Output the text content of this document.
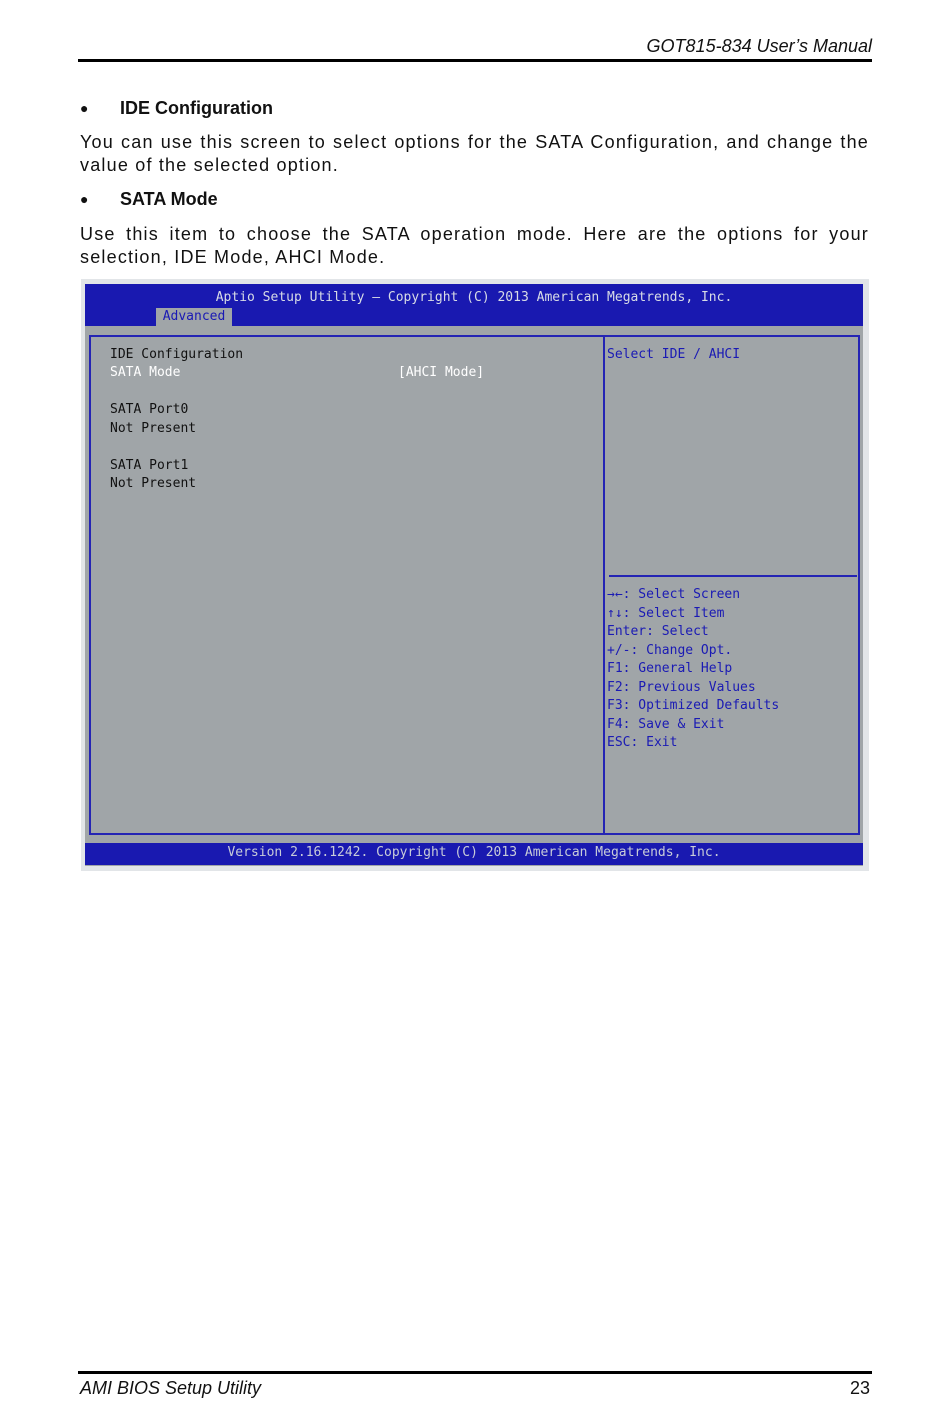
GOT815-834 User’s Manual
●	IDE Configuration
You can use this screen to select options for the SATA Configuration, and change the value of the selected option.
●	SATA Mode
Use this item to choose the SATA operation mode. Here are the options for your selection, IDE Mode, AHCI Mode.
Aptio Setup Utility – Copyright (C) 2013 American Megatrends, Inc.
Advanced
IDE Configuration
SATA Mode	[AHCI Mode]
SATA Port0
Not Present
SATA Port1
Not Present
Select IDE / AHCI
→←: Select Screen
↑↓: Select Item
Enter: Select
+/-: Change Opt.
F1: General Help
F2: Previous Values
F3: Optimized Defaults
F4: Save & Exit
ESC: Exit
Version 2.16.1242. Copyright (C) 2013 American Megatrends, Inc.
AMI BIOS Setup Utility	23
